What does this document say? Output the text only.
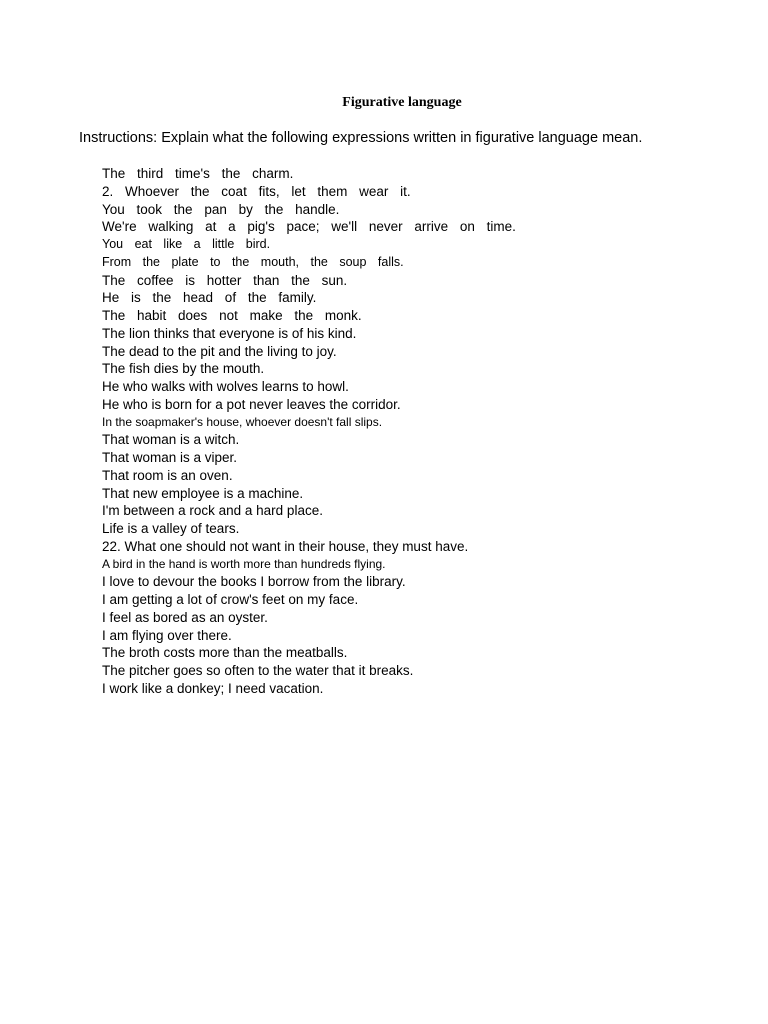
Figurative language

Instructions: Explain what the following expressions written in figurative language mean.

The third time's the charm.
2. Whoever the coat fits, let them wear it.
You took the pan by the handle.
We're walking at a pig's pace; we'll never arrive on time.
You eat like a little bird.
From the plate to the mouth, the soup falls.
The coffee is hotter than the sun.
He is the head of the family.
The habit does not make the monk.
The lion thinks that everyone is of his kind.
The dead to the pit and the living to joy.
The fish dies by the mouth.
He who walks with wolves learns to howl.
He who is born for a pot never leaves the corridor.
In the soapmaker's house, whoever doesn't fall slips.
That woman is a witch.
That woman is a viper.
That room is an oven.
That new employee is a machine.
I'm between a rock and a hard place.
Life is a valley of tears.
22. What one should not want in their house, they must have.
A bird in the hand is worth more than hundreds flying.
I love to devour the books I borrow from the library.
I am getting a lot of crow's feet on my face.
I feel as bored as an oyster.
I am flying over there.
The broth costs more than the meatballs.
The pitcher goes so often to the water that it breaks.
I work like a donkey; I need vacation.
